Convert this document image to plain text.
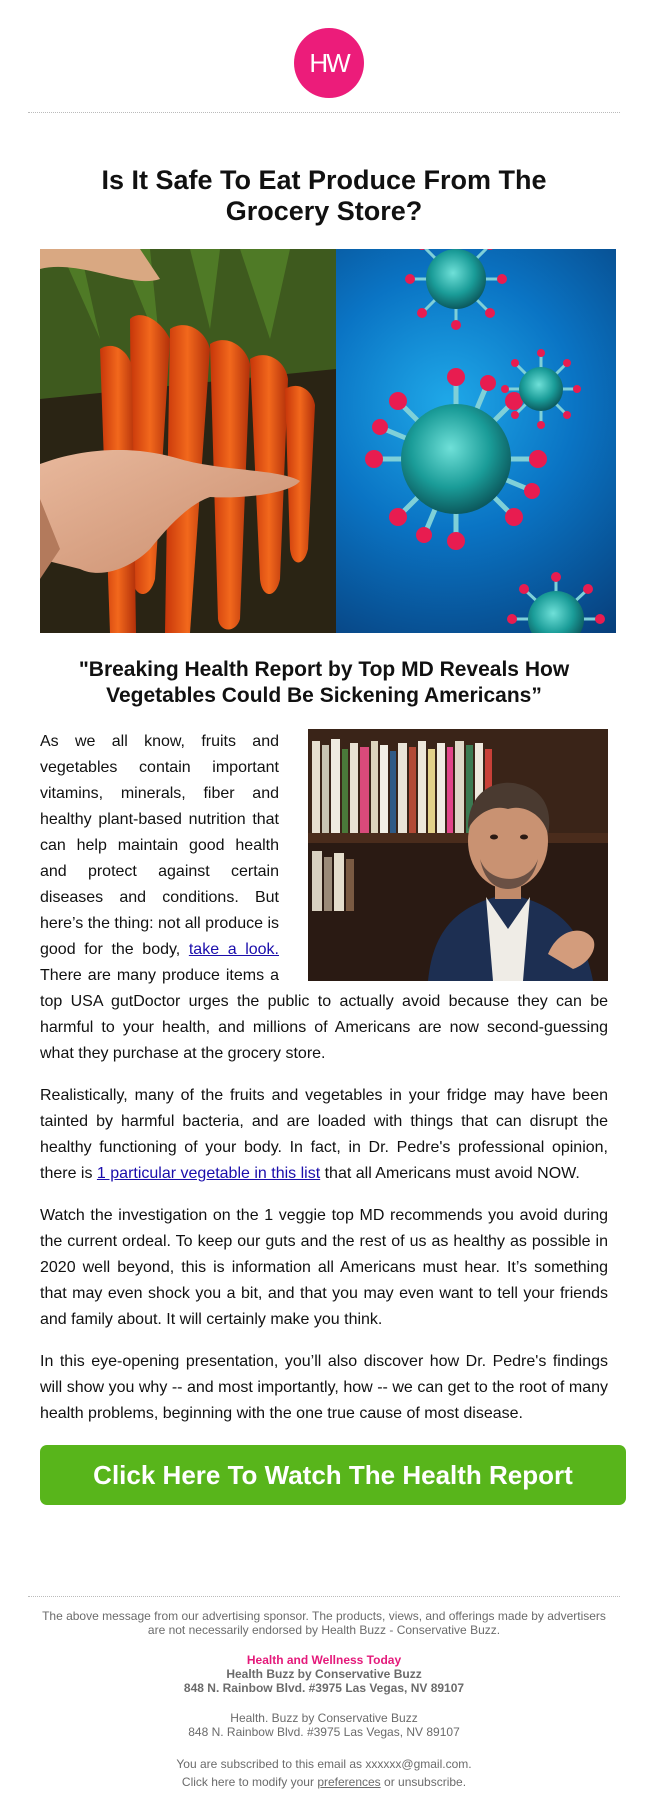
HW
Is It Safe To Eat Produce From The Grocery Store?
"Breaking Health Report by Top MD Reveals How Vegetables Could Be Sickening Americans”
As we all know, fruits and vegetables contain important vitamins, minerals, fiber and healthy plant-based nutrition that can help maintain good health and protect against certain diseases and conditions. But here’s the thing: not all produce is good for the body, take a look. There are many produce items a top USA gutDoctor urges the public to actually avoid because they can be harmful to your health, and millions of Americans are now second-guessing what they purchase at the grocery store.
Realistically, many of the fruits and vegetables in your fridge may have been tainted by harmful bacteria, and are loaded with things that can disrupt the healthy functioning of your body. In fact, in Dr. Pedre's professional opinion, there is 1 particular vegetable in this list that all Americans must avoid NOW.
Watch the investigation on the 1 veggie top MD recommends you avoid during the current ordeal. To keep our guts and the rest of us as healthy as possible in 2020 well beyond, this is information all Americans must hear. It’s something that may even shock you a bit, and that you may even want to tell your friends and family about. It will certainly make you think.
In this eye-opening presentation, you’ll also discover how Dr. Pedre's findings will show you why -- and most importantly, how -- we can get to the root of many health problems, beginning with the one true cause of most disease.
Click Here To Watch The Health Report
The above message from our advertising sponsor. The products, views, and offerings made by advertisers are not necessarily endorsed by Health Buzz - Conservative Buzz.
Health and Wellness Today
Health Buzz by Conservative Buzz
848 N. Rainbow Blvd. #3975 Las Vegas, NV 89107
Health. Buzz by Conservative Buzz
848 N. Rainbow Blvd. #3975 Las Vegas, NV 89107
You are subscribed to this email as xxxxxx@gmail.com.
Click here to modify your preferences or unsubscribe.
